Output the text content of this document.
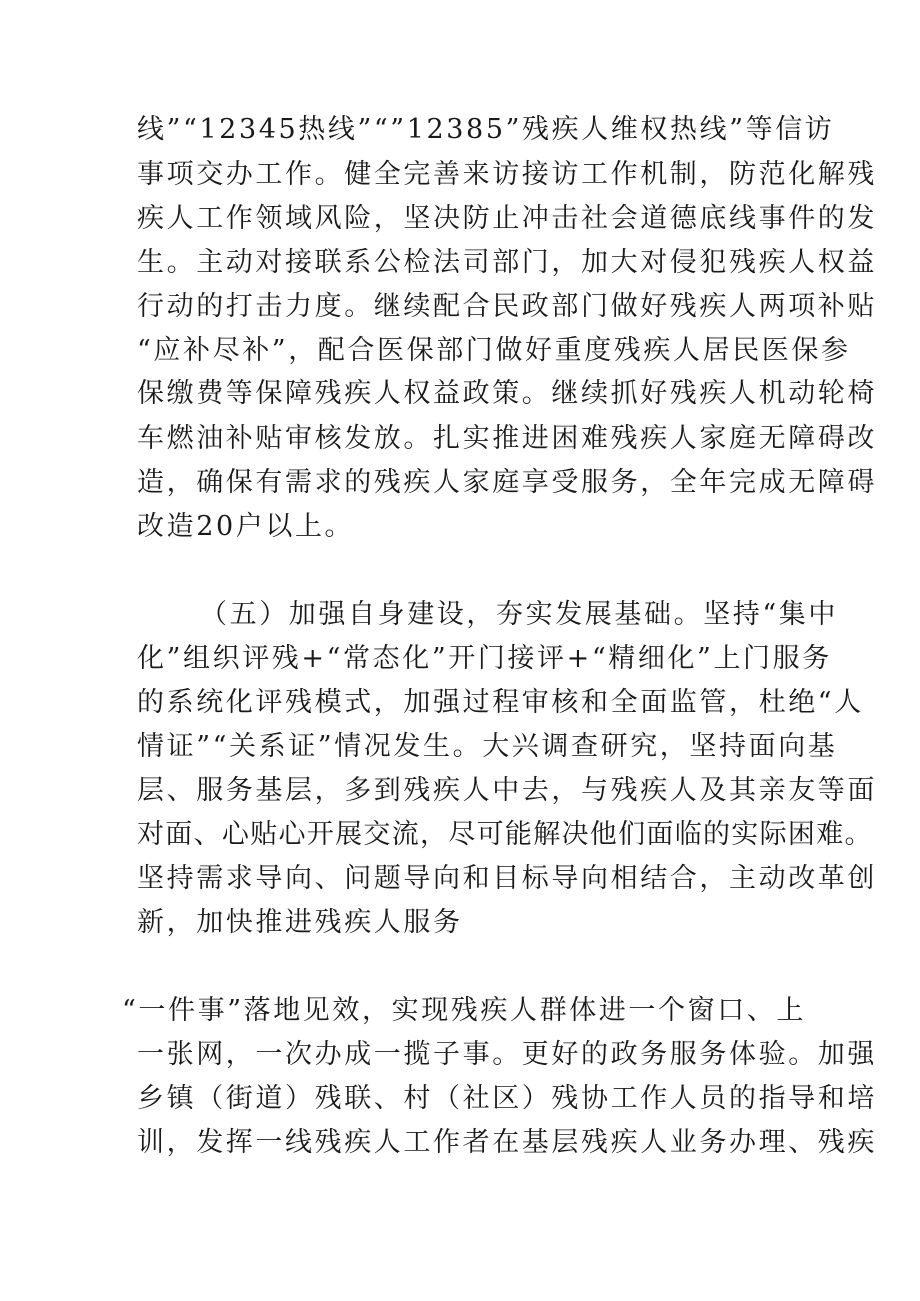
线”“12345热线”“”12385”残疾人维权热线”等信访
事项交办工作。健全完善来访接访工作机制，防范化解残
疾人工作领域风险，坚决防止冲击社会道德底线事件的发
生。主动对接联系公检法司部门，加大对侵犯残疾人权益
行动的打击力度。继续配合民政部门做好残疾人两项补贴
“应补尽补”，配合医保部门做好重度残疾人居民医保参
保缴费等保障残疾人权益政策。继续抓好残疾人机动轮椅
车燃油补贴审核发放。扎实推进困难残疾人家庭无障碍改
造，确保有需求的残疾人家庭享受服务，全年完成无障碍
改造20户以上。
（五）加强自身建设，夯实发展基础。坚持“集中
化”组织评残+“常态化”开门接评+“精细化”上门服务
的系统化评残模式，加强过程审核和全面监管，杜绝“人
情证”“关系证”情况发生。大兴调查研究，坚持面向基
层、服务基层，多到残疾人中去，与残疾人及其亲友等面
对面、心贴心开展交流，尽可能解决他们面临的实际困难。
坚持需求导向、问题导向和目标导向相结合，主动改革创
新，加快推进残疾人服务
“一件事”落地见效，实现残疾人群体进一个窗口、上
一张网，一次办成一揽子事。更好的政务服务体验。加强
乡镇（街道）残联、村（社区）残协工作人员的指导和培
训，发挥一线残疾人工作者在基层残疾人业务办理、残疾
